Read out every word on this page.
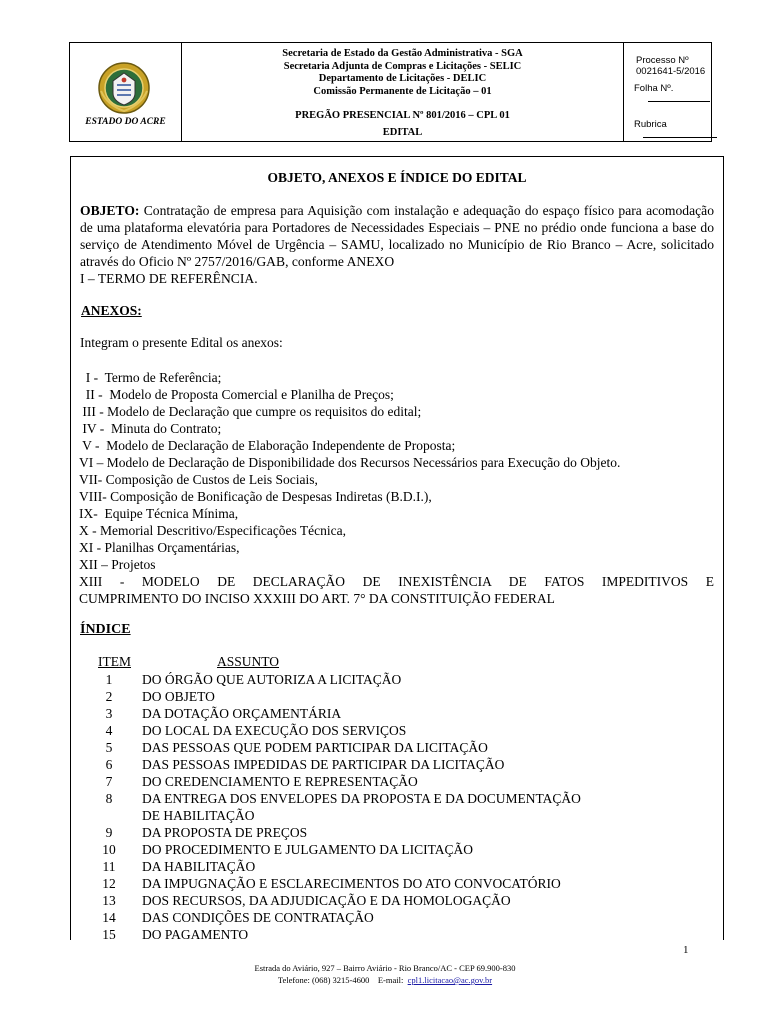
ESTADO DO ACRE
Secretaria de Estado da Gestão Administrativa - SGA
Secretaria Adjunta de Compras e Licitações - SELIC
Departamento de Licitações - DELIC
Comissão Permanente de Licitação – 01
PREGÃO PRESENCIAL Nº 801/2016 – CPL 01
EDITAL
Processo Nº 0021641-5/2016
Folha Nº.
Rubrica
OBJETO, ANEXOS E ÍNDICE DO EDITAL
OBJETO: Contratação de empresa para Aquisição com instalação e adequação do espaço físico para acomodação de uma plataforma elevatória para Portadores de Necessidades Especiais – PNE no prédio onde funciona a base do serviço de Atendimento Móvel de Urgência – SAMU, localizado no Município de Rio Branco – Acre, solicitado através do Oficio Nº 2757/2016/GAB, conforme ANEXO
I – TERMO DE REFERÊNCIA.
ANEXOS:
Integram o presente Edital os anexos:
I -  Termo de Referência;
II -  Modelo de Proposta Comercial e Planilha de Preços;
III - Modelo de Declaração que cumpre os requisitos do edital;
IV -  Minuta do Contrato;
V -  Modelo de Declaração de Elaboração Independente de Proposta;
VI – Modelo de Declaração de Disponibilidade dos Recursos Necessários para Execução do Objeto.
VII- Composição de Custos de Leis Sociais,
VIII- Composição de Bonificação de Despesas Indiretas (B.D.I.),
IX-  Equipe Técnica Mínima,
X - Memorial Descritivo/Especificações Técnica,
XI - Planilhas Orçamentárias,
XII – Projetos
XIII - MODELO DE DECLARAÇÃO DE INEXISTÊNCIA DE FATOS IMPEDITIVOS E
CUMPRIMENTO DO INCISO XXXIII DO ART. 7° DA CONSTITUIÇÃO FEDERAL
ÍNDICE
ITEM	ASSUNTO
1	DO ÓRGÃO QUE AUTORIZA A LICITAÇÃO
2	DO OBJETO
3	DA DOTAÇÃO ORÇAMENTÁRIA
4	DO LOCAL DA EXECUÇÃO DOS SERVIÇOS
5	DAS PESSOAS QUE PODEM PARTICIPAR DA LICITAÇÃO
6	DAS PESSOAS IMPEDIDAS DE PARTICIPAR DA LICITAÇÃO
7	DO CREDENCIAMENTO E REPRESENTAÇÃO
8	DA ENTREGA DOS ENVELOPES DA PROPOSTA E DA DOCUMENTAÇÃO
DE HABILITAÇÃO
9	DA PROPOSTA DE PREÇOS
10	DO PROCEDIMENTO E JULGAMENTO DA LICITAÇÃO
11	DA HABILITAÇÃO
12	DA IMPUGNAÇÃO E ESCLARECIMENTOS DO ATO CONVOCATÓRIO
13	DOS RECURSOS, DA ADJUDICAÇÃO E DA HOMOLOGAÇÃO
14	DAS CONDIÇÕES DE CONTRATAÇÃO
15	DO PAGAMENTO
1
Estrada do Aviário, 927 – Bairro Aviário - Rio Branco/AC - CEP 69.900-830
Telefone: (068) 3215-4600    E-mail:  cpl1.licitacao@ac.gov.br
